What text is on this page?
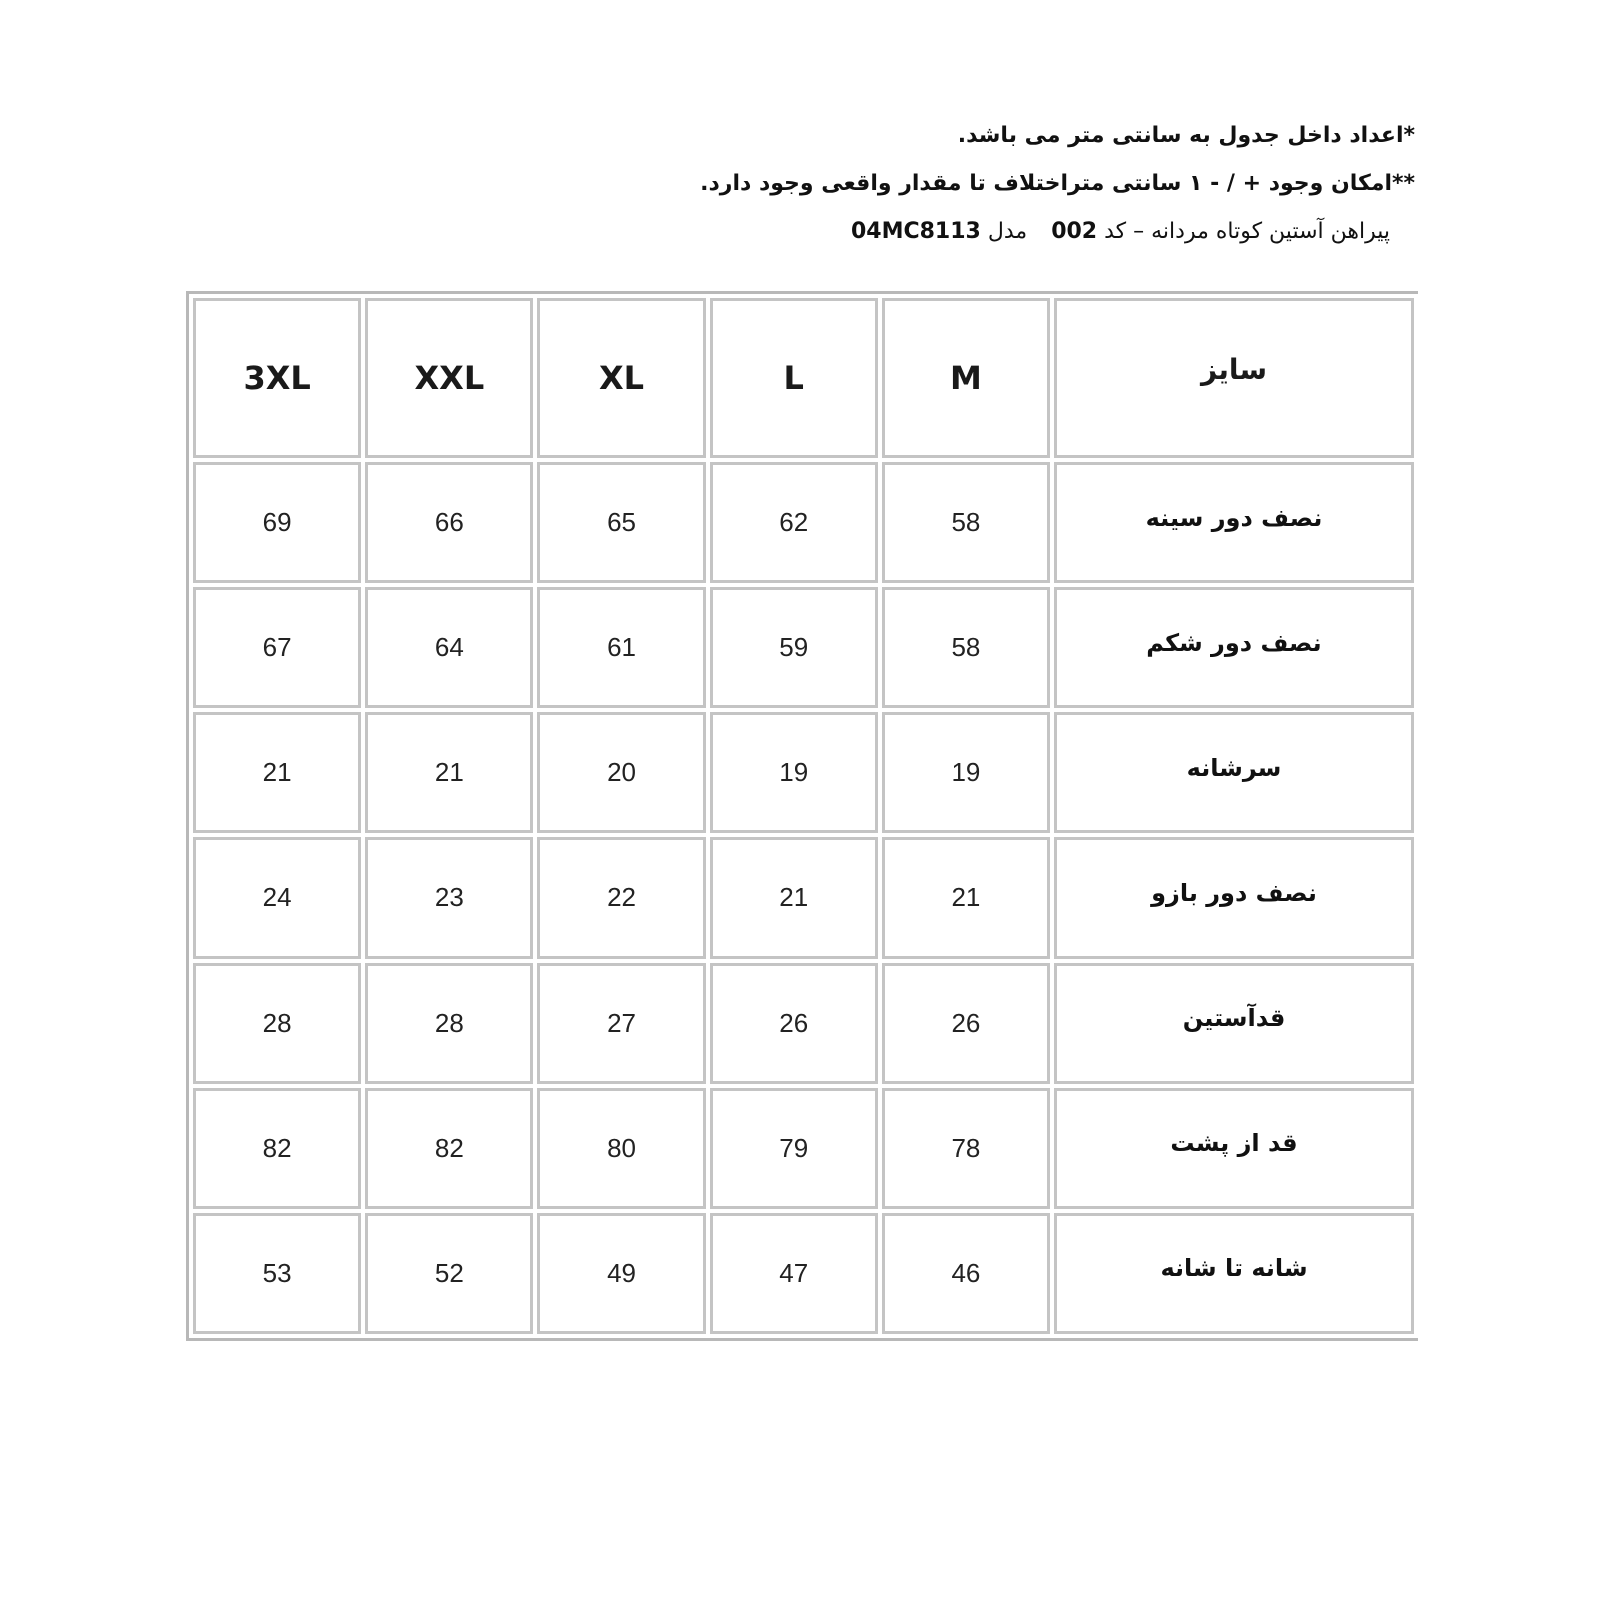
*اعداد داخل جدول به سانتی متر می باشد.
**امکان وجود + / - ۱ سانتی متراختلاف تا مقدار واقعی وجود دارد.
پیراهن آستین کوتاه مردانه – کد 002  مدل 04MC8113
سایز	M	L	XL	XXL	3XL
نصف دور سینه	58	62	65	66	69
نصف دور شکم	58	59	61	64	67
سرشانه	19	19	20	21	21
نصف دور بازو	21	21	22	23	24
قدآستین	26	26	27	28	28
قد از پشت	78	79	80	82	82
شانه تا شانه	46	47	49	52	53
